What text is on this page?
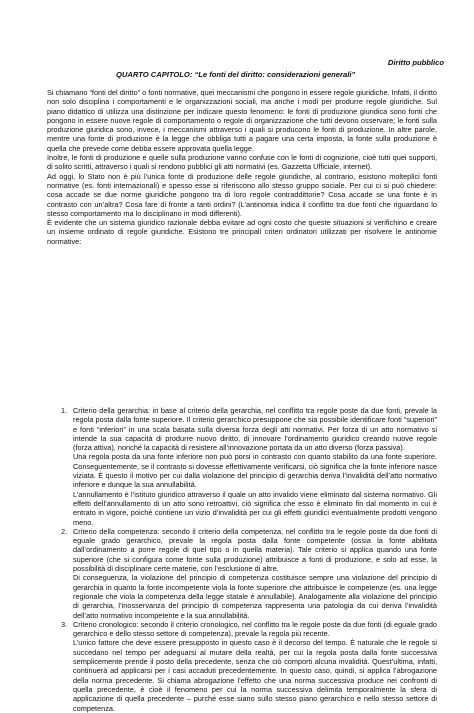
Diritto pubblico
QUARTO CAPITOLO: “Le fonti del diritto: considerazioni generali”

Si chiamano “fonti del diritto” o fonti normative, quei meccanismi che pongono in essere regole giuridiche. Infatti, il diritto non solo disciplina i comportamenti e le organizzazioni sociali, ma anche i modi per produrre regole giuridiche. Sul piano didattico di utilizza una distinzione per indicare questo fenomeno: le fonti di produzione giuridica sono fonti che pongono in essere nuove regole di comportamento o regole di organizzazione che tutti devono osservare; le fonti sulla produzione giuridica sono, invece, i meccanismi attraverso i quali si producono le fonti di produzione. In altre parole, mentre una fonte di produzione è la legge che obbliga tutti a pagare una certa imposta, la fonte sulla produzione è quella che prevede come debba essere approvata quella legge.

Inoltre, le fonti di produzione e quelle sulla produzione vanno confuse con le fonti di cognizione, cioè tutti quei supporti, di solito scritti, attraverso i quali si rendono pubblici gli atti normativi (es. Gazzetta Ufficiale, internet).

Ad oggi, lo Stato non è più l’unica fonte di produzione delle regole giuridiche, al contrario, esistono molteplici fonti normative (es. fonti internazionali) e spesso esse si riferiscono allo stesso gruppo sociale. Per cui ci si può chiedere: cosa accade se due norme giuridiche pongono tra di loro regole contraddittorie? Cosa accade se una fonte è in contrasto con un’altra? Cosa fare di fronte a tanti ordini? (L’antinomia indica il conflitto tra due fonti che riguardano lo stesso comportamento ma lo disciplinano in modi differenti).

È evidente che un sistema giuridico razionale debba evitare ad ogni costo che queste situazioni si verifichino e creare un insieme ordinato di regole giuridiche. Esistono tre principali criteri ordinatori utilizzati per risolvere le antinomie normative:

1. Criterio della gerarchia: in base al criterio della gerarchia, nel conflitto tra regole poste da due fonti, prevale la regola posta dalla fonte superiore. Il criterio gerarchico presuppone che sia possibile identificare fonti “superiori” e fonti “inferiori” in una scala basata sulla diversa forza degli atti normativi. Per forza di un atto normativo si intende la sua capacità di produrre nuovo diritto, di innovare l’ordinamento giuridico creando nuove regole (forza attiva), nonché la capacità di resistere all’innovazione portata da un atto diverso (forza passiva).

Una regola posta da una fonte inferiore non può porsi in contrasto con quanto stabilito da una fonte superiore. Conseguentemente, se il contrasto si dovesse effettivamente verificarsi, ciò significa che la fonte inferiore nasce viziata. È questo il motivo per cui dalla violazione del principio di gerarchia deriva l’invalidità dell’atto normativo inferiore e dunque la sua annullabilità.

L’annullamento è l’istituto giuridico attraverso il quale un atto invalido viene eliminato dal sistema normativo. Gli effetti dell’annullamento di un atto sono retroattivi, ciò significa che esso è eliminato fin dal momento in cui è entrato in vigore, poiché contiene un vizio d’invalidità per cui gli effetti giuridici eventualmente prodotti vengono meno.

2. Criterio della competenza: secondo il criterio della competenza, nel conflitto tra le regole poste da due fonti di eguale grado gerarchico, prevale la regola posta dalla fonte competente (ossia la fonte abilitata dall’ordinamento a porre regole di quel tipo o in quella materia). Tale criterio si applica quando una fonte superiore (che si configura come fonte sulla produzione) attribuisce a fonti di produzione, e solo ad esse, la possibilità di disciplinare certe materie, con l’esclusione di altre.

Di conseguenza, la violazione del principio di competenza costituisce sempre una violazione del principio di gerarchia in quanto la fonte incompetente viola la fonte superiore che attribuisce le competenze (es. una legge regionale che viola la competenza della legge statale è annullabile). Analogamente alla violazione del principio di gerarchia, l’inosservanza del principio di competenza rappresenta una patologia da cui deriva l’invalidità dell’atto normativo incompetente e la sua annullabilità.

3. Criterio cronologico: secondo il criterio cronologico, nel conflitto tra le regole poste da due fonti (di eguale grado gerarchico e dello stesso settore di competenza), prevale la regola più recente.

L’unico fattore che deve essere presupposto in questo caso è il decorso del tempo. È naturale che le regole si succedano nel tempo per adeguarsi al mutare della realtà, per cui la regola posta dalla fonte successiva semplicemente prende il posto della precedente, senza che ciò comporti alcuna invalidità. Quest’ultima, infatti, continuerà ad applicarsi per i casi accaduti precedentemente. In questo caso, quindi, si applica l’abrogazione della norma precedente. Si chiama abrogazione l’effetto che una norma successiva produce nei confronti di quella precedente, è cioè il fenomeno per cui la norma successiva delimita temporalmente la sfera di applicazione di quella precedente – purché esse siano sullo stesso piano gerarchico e nello stesso settore di competenza.
